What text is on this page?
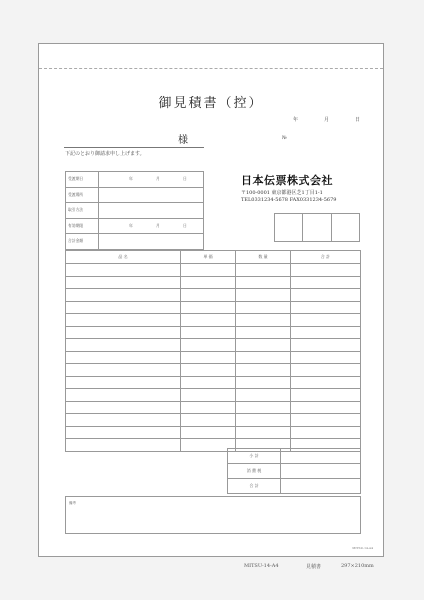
御見積書（控）
年	月	日
様	№
下記のとおり御請求申し上げます。
受渡期日	年 月 日
受渡場所	
取引方法	
有効期限	年 月 日
合計金額	
日本伝票株式会社
〒100-0001 東京都港区芝1丁目1-1
TEL0331234-5678 FAX0331234-5679

品 名	単 価	数 量	合 計

小 計	
消 費 税	
合 計	
備考
MITSU-14-A4
MITSU-14-A4	見積書	297×210mm
